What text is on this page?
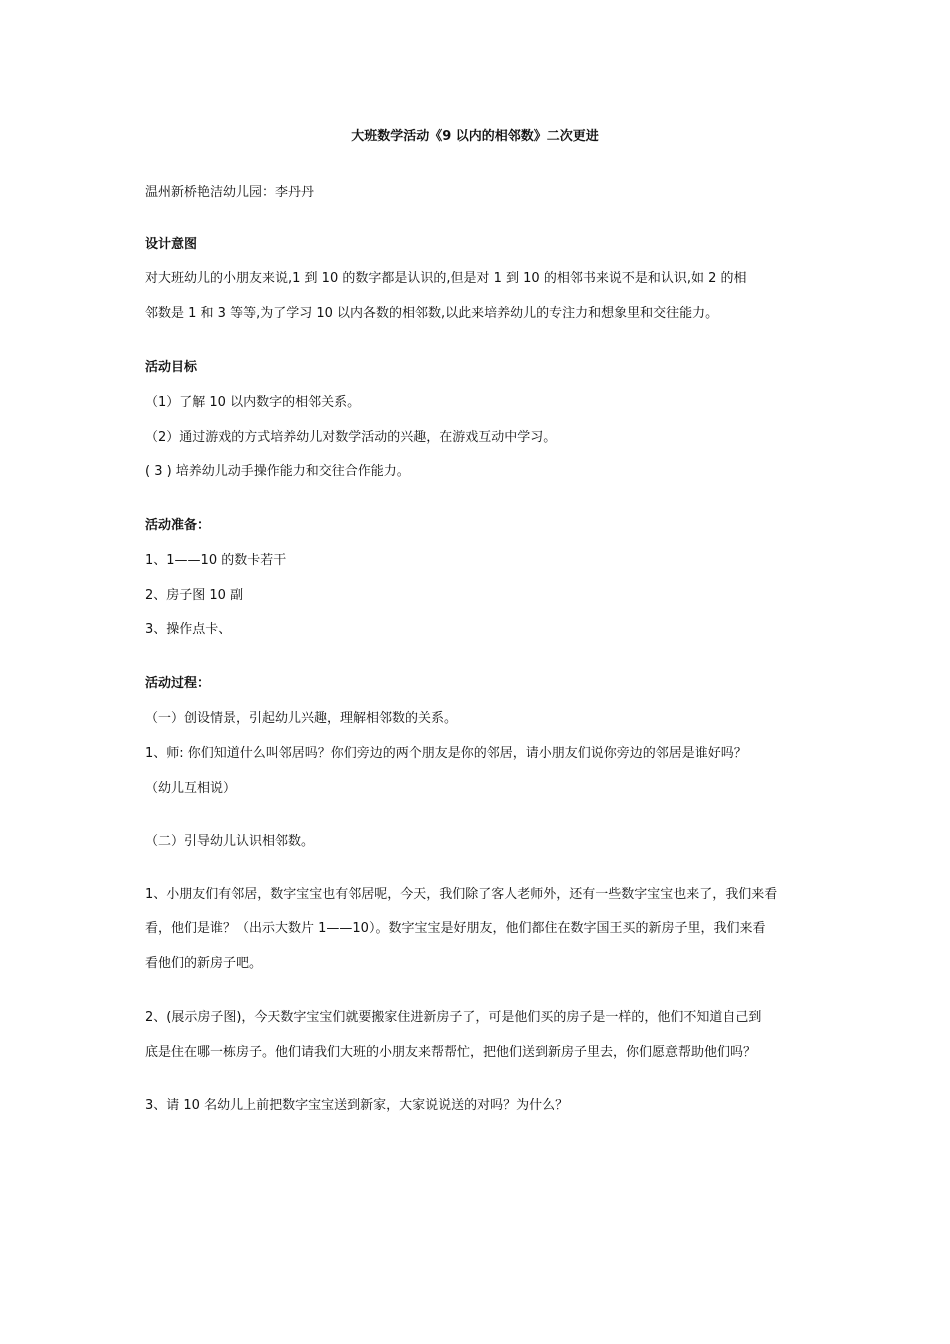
大班数学活动《9 以内的相邻数》二次更进
温州新桥艳洁幼儿园：李丹丹
设计意图
对大班幼儿的小朋友来说,1 到 10 的数字都是认识的,但是对 1 到 10 的相邻书来说不是和认识,如 2 的相
邻数是 1 和 3 等等,为了学习 10 以内各数的相邻数,以此来培养幼儿的专注力和想象里和交往能力。
活动目标
（1）了解 10 以内数字的相邻关系。
（2）通过游戏的方式培养幼儿对数学活动的兴趣，在游戏互动中学习。
( 3 ) 培养幼儿动手操作能力和交往合作能力。
活动准备：
1、1——10 的数卡若干
2、房子图 10 副
3、操作点卡、
活动过程：
（一）创设情景，引起幼儿兴趣，理解相邻数的关系。
1、师: 你们知道什么叫邻居吗？你们旁边的两个朋友是你的邻居，请小朋友们说你旁边的邻居是谁好吗？
（幼儿互相说）
（二）引导幼儿认识相邻数。
1、小朋友们有邻居，数字宝宝也有邻居呢，今天，我们除了客人老师外，还有一些数字宝宝也来了，我们来看
看，他们是谁？（出示大数片 1——10）。数字宝宝是好朋友，他们都住在数字国王买的新房子里，我们来看
看他们的新房子吧。
2、(展示房子图)，今天数字宝宝们就要搬家住进新房子了，可是他们买的房子是一样的，他们不知道自己到
底是住在哪一栋房子。他们请我们大班的小朋友来帮帮忙，把他们送到新房子里去，你们愿意帮助他们吗？
3、请 10 名幼儿上前把数字宝宝送到新家，大家说说送的对吗？为什么？
